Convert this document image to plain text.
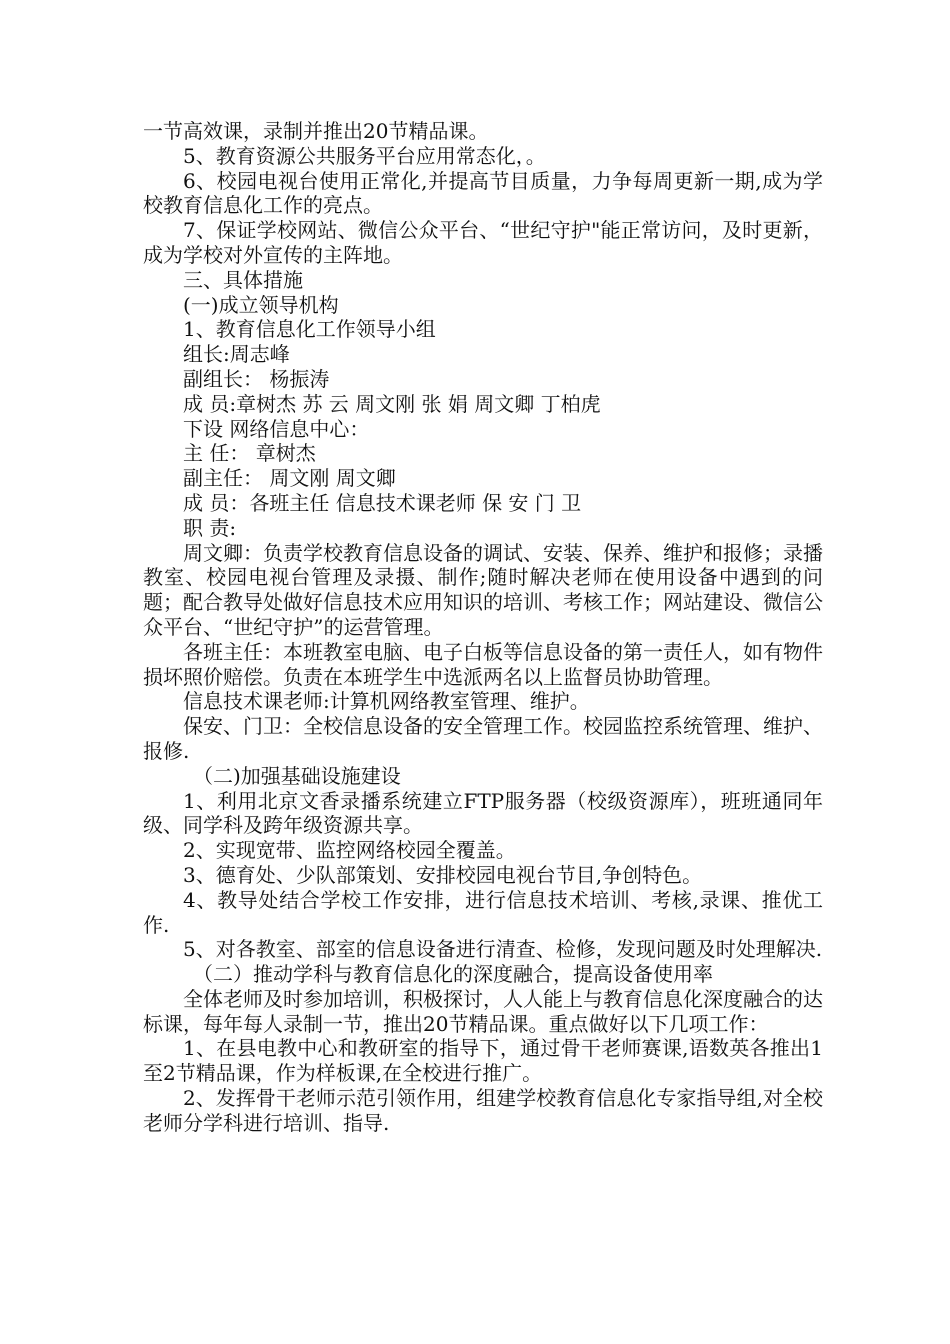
一节高效课，录制并推出20节精品课。

5、教育资源公共服务平台应用常态化，。

6、校园电视台使用正常化,并提高节目质量，力争每周更新一期,成为学校教育信息化工作的亮点。

7、保证学校网站、微信公众平台、“世纪守护"能正常访问，及时更新，成为学校对外宣传的主阵地。

三、具体措施

(一)成立领导机构

1、教育信息化工作领导小组

组长:周志峰

副组长： 杨振涛

成 员:章树杰 苏 云 周文刚 张 娟 周文卿 丁柏虎

下设 网络信息中心：

主 任： 章树杰

副主任： 周文刚 周文卿

成 员：各班主任 信息技术课老师 保 安 门 卫

职 责:

周文卿：负责学校教育信息设备的调试、安装、保养、维护和报修；录播教室、校园电视台管理及录摄、制作;随时解决老师在使用设备中遇到的问题；配合教导处做好信息技术应用知识的培训、考核工作；网站建设、微信公众平台、“世纪守护”的运营管理。

各班主任：本班教室电脑、电子白板等信息设备的第一责任人，如有物件损坏照价赔偿。负责在本班学生中选派两名以上监督员协助管理。

信息技术课老师:计算机网络教室管理、维护。

保安、门卫：全校信息设备的安全管理工作。校园监控系统管理、维护、报修.

（二)加强基础设施建设

1、利用北京文香录播系统建立FTP服务器（校级资源库），班班通同年级、同学科及跨年级资源共享。

2、实现宽带、监控网络校园全覆盖。

3、德育处、少队部策划、安排校园电视台节目,争创特色。

4、教导处结合学校工作安排，进行信息技术培训、考核,录课、推优工作.

5、对各教室、部室的信息设备进行清查、检修，发现问题及时处理解决.

（二）推动学科与教育信息化的深度融合，提高设备使用率

全体老师及时参加培训，积极探讨，人人能上与教育信息化深度融合的达标课，每年每人录制一节，推出20节精品课。重点做好以下几项工作：

1、在县电教中心和教研室的指导下，通过骨干老师赛课,语数英各推出1至2节精品课，作为样板课,在全校进行推广。

2、发挥骨干老师示范引领作用，组建学校教育信息化专家指导组,对全校老师分学科进行培训、指导.
